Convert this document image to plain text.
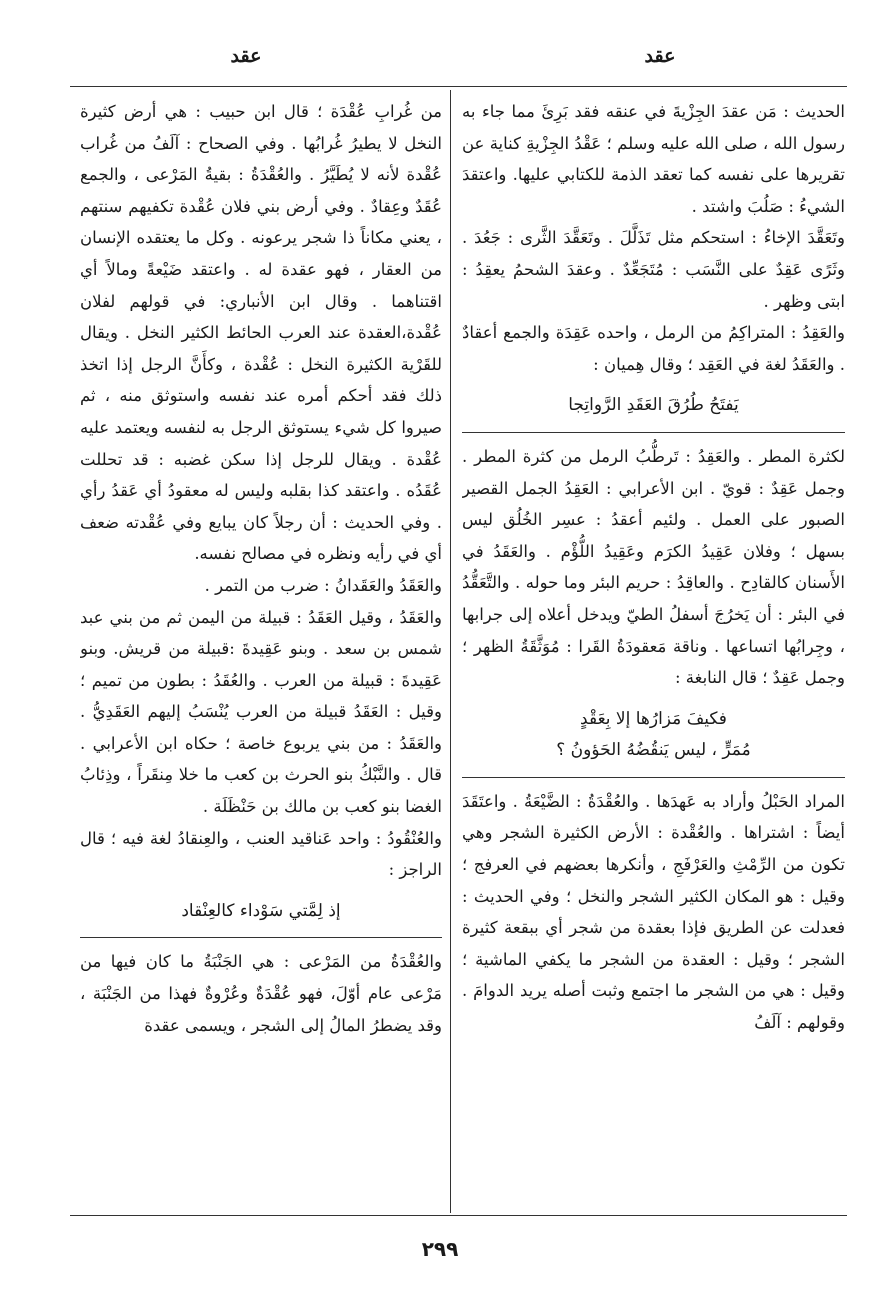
عقد
عقد

الحديث : مَن عقدَ الجِزْيةَ في عنقه فقد بَرِئَ مما جاء به رسول الله ، صلى الله عليه وسلم ؛ عَقْدُ الجِزْيةِ كناية عن تقريرها على نفسه كما تعقد الذمة للكتابي عليها. واعتقدَ الشيءُ : صَلُبَ واشتد .

وتَعَقَّدَ الإخاءُ : استحكم مثل تَذَلَّلَ . وتَعَقَّدَ الثَّرى : جَعُدَ . وثَرًى عَقِدٌ على النَّسَب : مُتَجَعِّدٌ . وعقدَ الشحمُ يعقِدُ : ابتى وظهر .

والعَقِدُ : المتراكِمُ من الرمل ، واحده عَقِدَة والجمع أعقادٌ . والعَقَدُ لغة في العَقِد ؛ وقال هِميان :

يَفتَحُ طُرُقَ العَقَدِ الرَّواتِجا

لكثرة المطر . والعَقِدُ : تَرطُّبُ الرمل من كثرة المطر . وجمل عَقِدٌ : قويّ . ابن الأعرابي : العَقِدُ الجمل القصير الصبور على العمل . ولئيم أعقدُ : عسِر الخُلُق ليس بسهل ؛ وفلان عَقِيدُ الكرَم وعَقِيدُ اللُّؤْم . والعَقَدُ في الأَسنان كالقادِح . والعاقِدُ : حريم البئر وما حوله . والتَّعَقُّدُ في البئر : أن يَخرُجَ أسفلُ الطيّ ويدخل أعلاه إلى جرابها ، وجِرابُها اتساعها . وناقة مَعقودَةُ القَرا : مُوَثَّقَةُ الظهر ؛ وجمل عَقِدٌ ؛ قال النابغة :

فكيفَ مَزارُها إلا بِعَقْدٍ

مُمَرٍّ ، ليس يَنقُضُهُ الحَؤونُ ؟

المراد الحَبْلُ وأراد به عَهدَها . والعُقْدَةُ : الضَّيْعَةُ . واعتَقَدَ أيضاً : اشتراها . والعُقْدة : الأرض الكثيرة الشجر وهي تكون من الرِّمْثِ والعَرْفَجِ ، وأنكرها بعضهم في العرفج ؛ وقيل : هو المكان الكثير الشجر والنخل ؛ وفي الحديث : فعدلت عن الطريق فإذا بعقدة من شجر أي ببقعة كثيرة الشجر ؛ وقيل : العقدة من الشجر ما يكفي الماشية ؛ وقيل : هي من الشجر ما اجتمع وثبت أصله يريد الدوامَ . وقولهم : آلَفُ

من غُرابِ عُقْدَة ؛ قال ابن حبيب : هي أرض كثيرة النخل لا يطيرُ غُرابُها . وفي الصحاح : آلَفُ من غُراب عُقْدة لأنه لا يُطَيَّرُ . والعُقْدَةُ : بقيةُ المَرْعى ، والجمع عُقَدٌ وعِقادٌ . وفي أرض بني فلان عُقْدة تكفيهم سنتهم ، يعني مكاناً ذا شجر يرعونه . وكل ما يعتقده الإنسان من العقار ، فهو عقدة له . واعتقد ضَيْعةً ومالاً أي اقتناهما . وقال ابن الأنباري: في قولهم لفلان عُقْدة،العقدة عند العرب الحائط الكثير النخل . ويقال للقَرْية الكثيرة النخل : عُقْدة ، وكأَنَّ الرجل إذا اتخذ ذلك فقد أحكم أمره عند نفسه واستوثق منه ، ثم صيروا كل شيء يستوثق الرجل به لنفسه ويعتمد عليه عُقْدة . ويقال للرجل إذا سكن غضبه : قد تحللت عُقَدُه . واعتقد كذا بقلبه وليس له معقودُ أي عَقدُ رأي . وفي الحديث : أن رجلاً كان يبايع وفي عُقْدته ضعف أي في رأيه ونظره في مصالح نفسه.

والعَقَدُ والعَقَدانُ : ضرب من التمر .

والعَقَدُ ، وقيل العَقَدُ : قبيلة من اليمن ثم من بني عبد شمس بن سعد . وبنو عَقِيدةَ :قبيلة من قريش. وبنو عَقِيدةَ : قبيلة من العرب . والعُقَدُ : بطون من تميم ؛ وقيل : العَقَدُ قبيلة من العرب يُنْسَبُ إليهم العَقَدِيُّ . والعَقَدُ : من بني يربوع خاصة ؛ حكاه ابن الأعرابي . قال . والنَّبْكُ بنو الحرث بن كعب ما خلا مِنقَراً ، وذِئابُ الغضا بنو كعب بن مالك بن حَنْظَلَة .

والعُنْقُودُ : واحد عَناقيد العنب ، والعِنقادُ لغة فيه ؛ قال الراجز :

إذ لِمَّتي سَوْداء كالعِنْقاد

والعُقْدَةُ من المَرْعى : هي الجَنْبَةُ ما كان فيها من مَرْعى عام أوّلَ، فهو عُقْدَةٌ وعُرْوةٌ فهذا من الجَنْبَة ، وقد يضطرُ المالُ إلى الشجر ، ويسمى عقدة

٢٩٩
